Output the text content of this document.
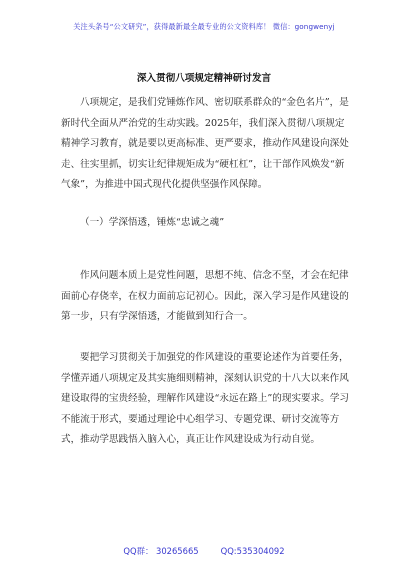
关注头条号“公文研究”，获得最新最全最专业的公文资料库！ 微信：gongwenyj
深入贯彻八项规定精神研讨发言

八项规定，是我们党锤炼作风、密切联系群众的“金色名片”，是新时代全面从严治党的生动实践。2025年，我们深入贯彻八项规定精神学习教育，就是要以更高标准、更严要求，推动作风建设向深处走、往实里抓，切实让纪律规矩成为“硬杠杠”，让干部作风焕发“新气象”，为推进中国式现代化提供坚强作风保障。

（一）学深悟透，锤炼“忠诚之魂”

作风问题本质上是党性问题，思想不纯、信念不坚，才会在纪律面前心存侥幸，在权力面前忘记初心。因此，深入学习是作风建设的第一步，只有学深悟透，才能做到知行合一。

要把学习贯彻关于加强党的作风建设的重要论述作为首要任务，学懂弄通八项规定及其实施细则精神，深刻认识党的十八大以来作风建设取得的宝贵经验，理解作风建设“永远在路上”的现实要求。学习不能流于形式，要通过理论中心组学习、专题党课、研讨交流等方式，推动学思践悟入脑入心，真正让作风建设成为行动自觉。

QQ群： 30265665	QQ:535304092
